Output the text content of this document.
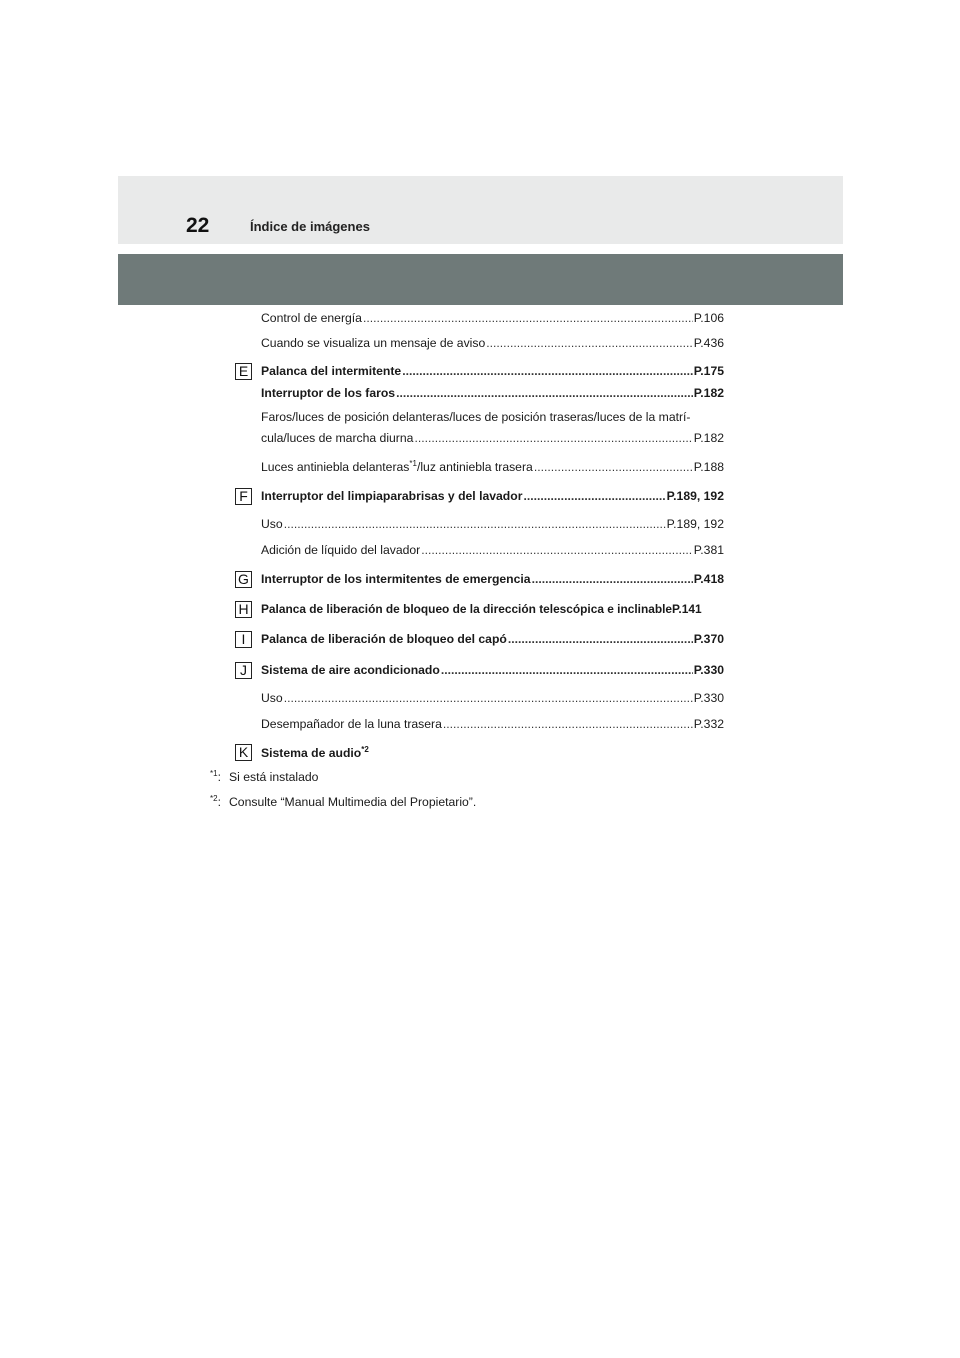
22	Índice de imágenes
Control de energía .....	P.106
Cuando se visualiza un mensaje de aviso .....	P.436
E	Palanca del intermitente .....	P.175
Interruptor de los faros .....	P.182
Faros/luces de posición delanteras/luces de posición traseras/luces de la matrí-
cula/luces de marcha diurna .....	P.182
Luces antiniebla delanteras$^{*1}$/luz antiniebla trasera .....	P.188
F	Interruptor del limpiaparabrisas y del lavador .....	P.189, 192
Uso .....	P.189, 192
Adición de líquido del lavador .....	P.381
G Interruptor de los intermitentes de emergencia .....	P.418
H Palanca de liberación de bloqueo de la dirección telescópica e inclinable P.141
I	Palanca de liberación de bloqueo del capó .....	P.370
J	Sistema de aire acondicionado .....	P.330
Uso .....	P.330
Desempañador de la luna trasera .....	P.332
K	Sistema de audio$^{*2}$
$^{*1}$: Si está instalado
$^{*2}$: Consulte “Manual Multimedia del Propietario”.
